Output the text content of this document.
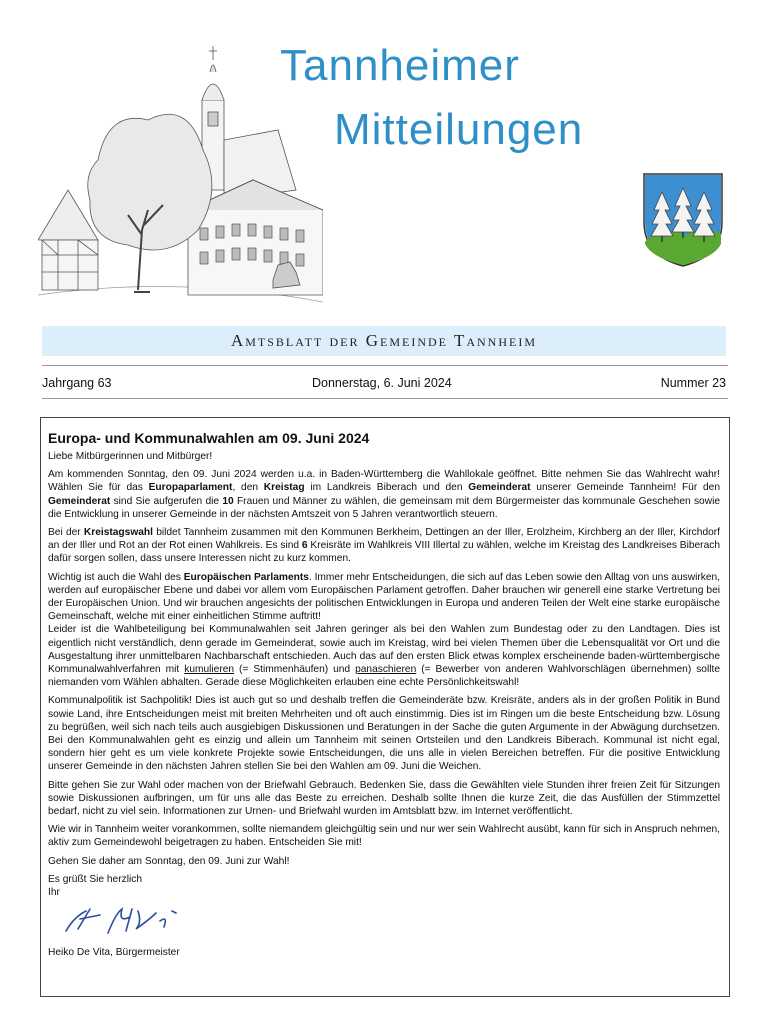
Tannheimer
Mitteilungen
Amtsblatt der Gemeinde Tannheim
Jahrgang 63	Donnerstag, 6. Juni 2024	Nummer 23
Europa- und Kommunalwahlen am 09. Juni 2024

Liebe Mitbürgerinnen und Mitbürger!

Am kommenden Sonntag, den 09. Juni 2024 werden u.a. in Baden-Württemberg die Wahllokale geöffnet. Bitte nehmen Sie das Wahlrecht wahr! Wählen Sie für das Europaparlament, den Kreistag im Landkreis Biberach und den Gemeinderat unserer Gemeinde Tannheim! Für den Gemeinderat sind Sie aufgerufen die 10 Frauen und Männer zu wählen, die gemeinsam mit dem Bürgermeister das kommunale Geschehen sowie die Entwicklung in unserer Gemeinde in der nächsten Amtszeit von 5 Jahren verantwortlich steuern.

Bei der Kreistagswahl bildet Tannheim zusammen mit den Kommunen Berkheim, Dettingen an der Iller, Erolzheim, Kirchberg an der Iller, Kirchdorf an der Iller und Rot an der Rot einen Wahlkreis. Es sind 6 Kreisräte im Wahlkreis VIII Illertal zu wählen, welche im Kreistag des Landkreises Biberach dafür sorgen sollen, dass unsere Interessen nicht zu kurz kommen.

Wichtig ist auch die Wahl des Europäischen Parlaments. Immer mehr Entscheidungen, die sich auf das Leben sowie den Alltag von uns auswirken, werden auf europäischer Ebene und dabei vor allem vom Europäischen Parlament getroffen. Daher brauchen wir generell eine starke Vertretung bei der Europäischen Union. Und wir brauchen angesichts der politischen Entwicklungen in Europa und anderen Teilen der Welt eine starke europäische Gemeinschaft, welche mit einer einheitlichen Stimme auftritt!

Leider ist die Wahlbeteiligung bei Kommunalwahlen seit Jahren geringer als bei den Wahlen zum Bundestag oder zu den Landtagen. Dies ist eigentlich nicht verständlich, denn gerade im Gemeinderat, sowie auch im Kreistag, wird bei vielen Themen über die Lebensqualität vor Ort und die Ausgestaltung ihrer unmittelbaren Nachbarschaft entschieden. Auch das auf den ersten Blick etwas komplex erscheinende baden-württembergische Kommunalwahlverfahren mit kumulieren (= Stimmenhäufen) und panaschieren (= Bewerber von anderen Wahlvorschlägen übernehmen) sollte niemanden vom Wählen abhalten. Gerade diese Möglichkeiten erlauben eine echte Persönlichkeitswahl!

Kommunalpolitik ist Sachpolitik! Dies ist auch gut so und deshalb treffen die Gemeinderäte bzw. Kreisräte, anders als in der großen Politik in Bund sowie Land, ihre Entscheidungen meist mit breiten Mehrheiten und oft auch einstimmig. Dies ist im Ringen um die beste Entscheidung bzw. Lösung zu begrüßen, weil sich nach teils auch ausgiebigen Diskussionen und Beratungen in der Sache die guten Argumente in der Abwägung durchsetzen. Bei den Kommunalwahlen geht es einzig und allein um Tannheim mit seinen Ortsteilen und den Landkreis Biberach. Kommunal ist nicht egal, sondern hier geht es um viele konkrete Projekte sowie Entscheidungen, die uns alle in vielen Bereichen betreffen. Für die positive Entwicklung unserer Gemeinde in den nächsten Jahren stellen Sie bei den Wahlen am 09. Juni die Weichen.

Bitte gehen Sie zur Wahl oder machen von der Briefwahl Gebrauch. Bedenken Sie, dass die Gewählten viele Stunden ihrer freien Zeit für Sitzungen sowie Diskussionen aufbringen, um für uns alle das Beste zu erreichen. Deshalb sollte Ihnen die kurze Zeit, die das Ausfüllen der Stimmzettel bedarf, nicht zu viel sein. Informationen zur Urnen- und Briefwahl wurden im Amtsblatt bzw. im Internet veröffentlicht.

Wie wir in Tannheim weiter vorankommen, sollte niemandem gleichgültig sein und nur wer sein Wahlrecht ausübt, kann für sich in Anspruch nehmen, aktiv zum Gemeindewohl beigetragen zu haben. Entscheiden Sie mit!

Gehen Sie daher am Sonntag, den 09. Juni zur Wahl!

Es grüßt Sie herzlich

Ihr

Heiko De Vita, Bürgermeister
